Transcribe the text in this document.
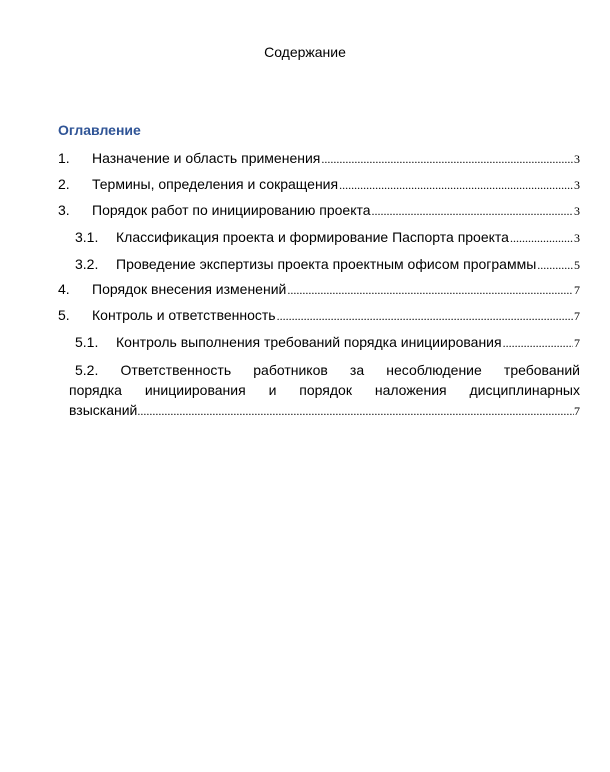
Содержание
Оглавление
1.	Назначение и область применения .....	3
2.	Термины, определения и сокращения .....	3
3.	Порядок работ по инициированию проекта .....	3
3.1.	Классификация проекта и формирование Паспорта проекта .....	3
3.2.	Проведение экспертизы проекта проектным офисом программы .....	5
4.	Порядок внесения изменений .....	7
5.	Контроль и ответственность .....	7
5.1.	Контроль выполнения требований порядка инициирования .....	7
5.2. Ответственность работников за несоблюдение требований
порядка инициирования и порядок наложения дисциплинарных
взысканий .....	7
